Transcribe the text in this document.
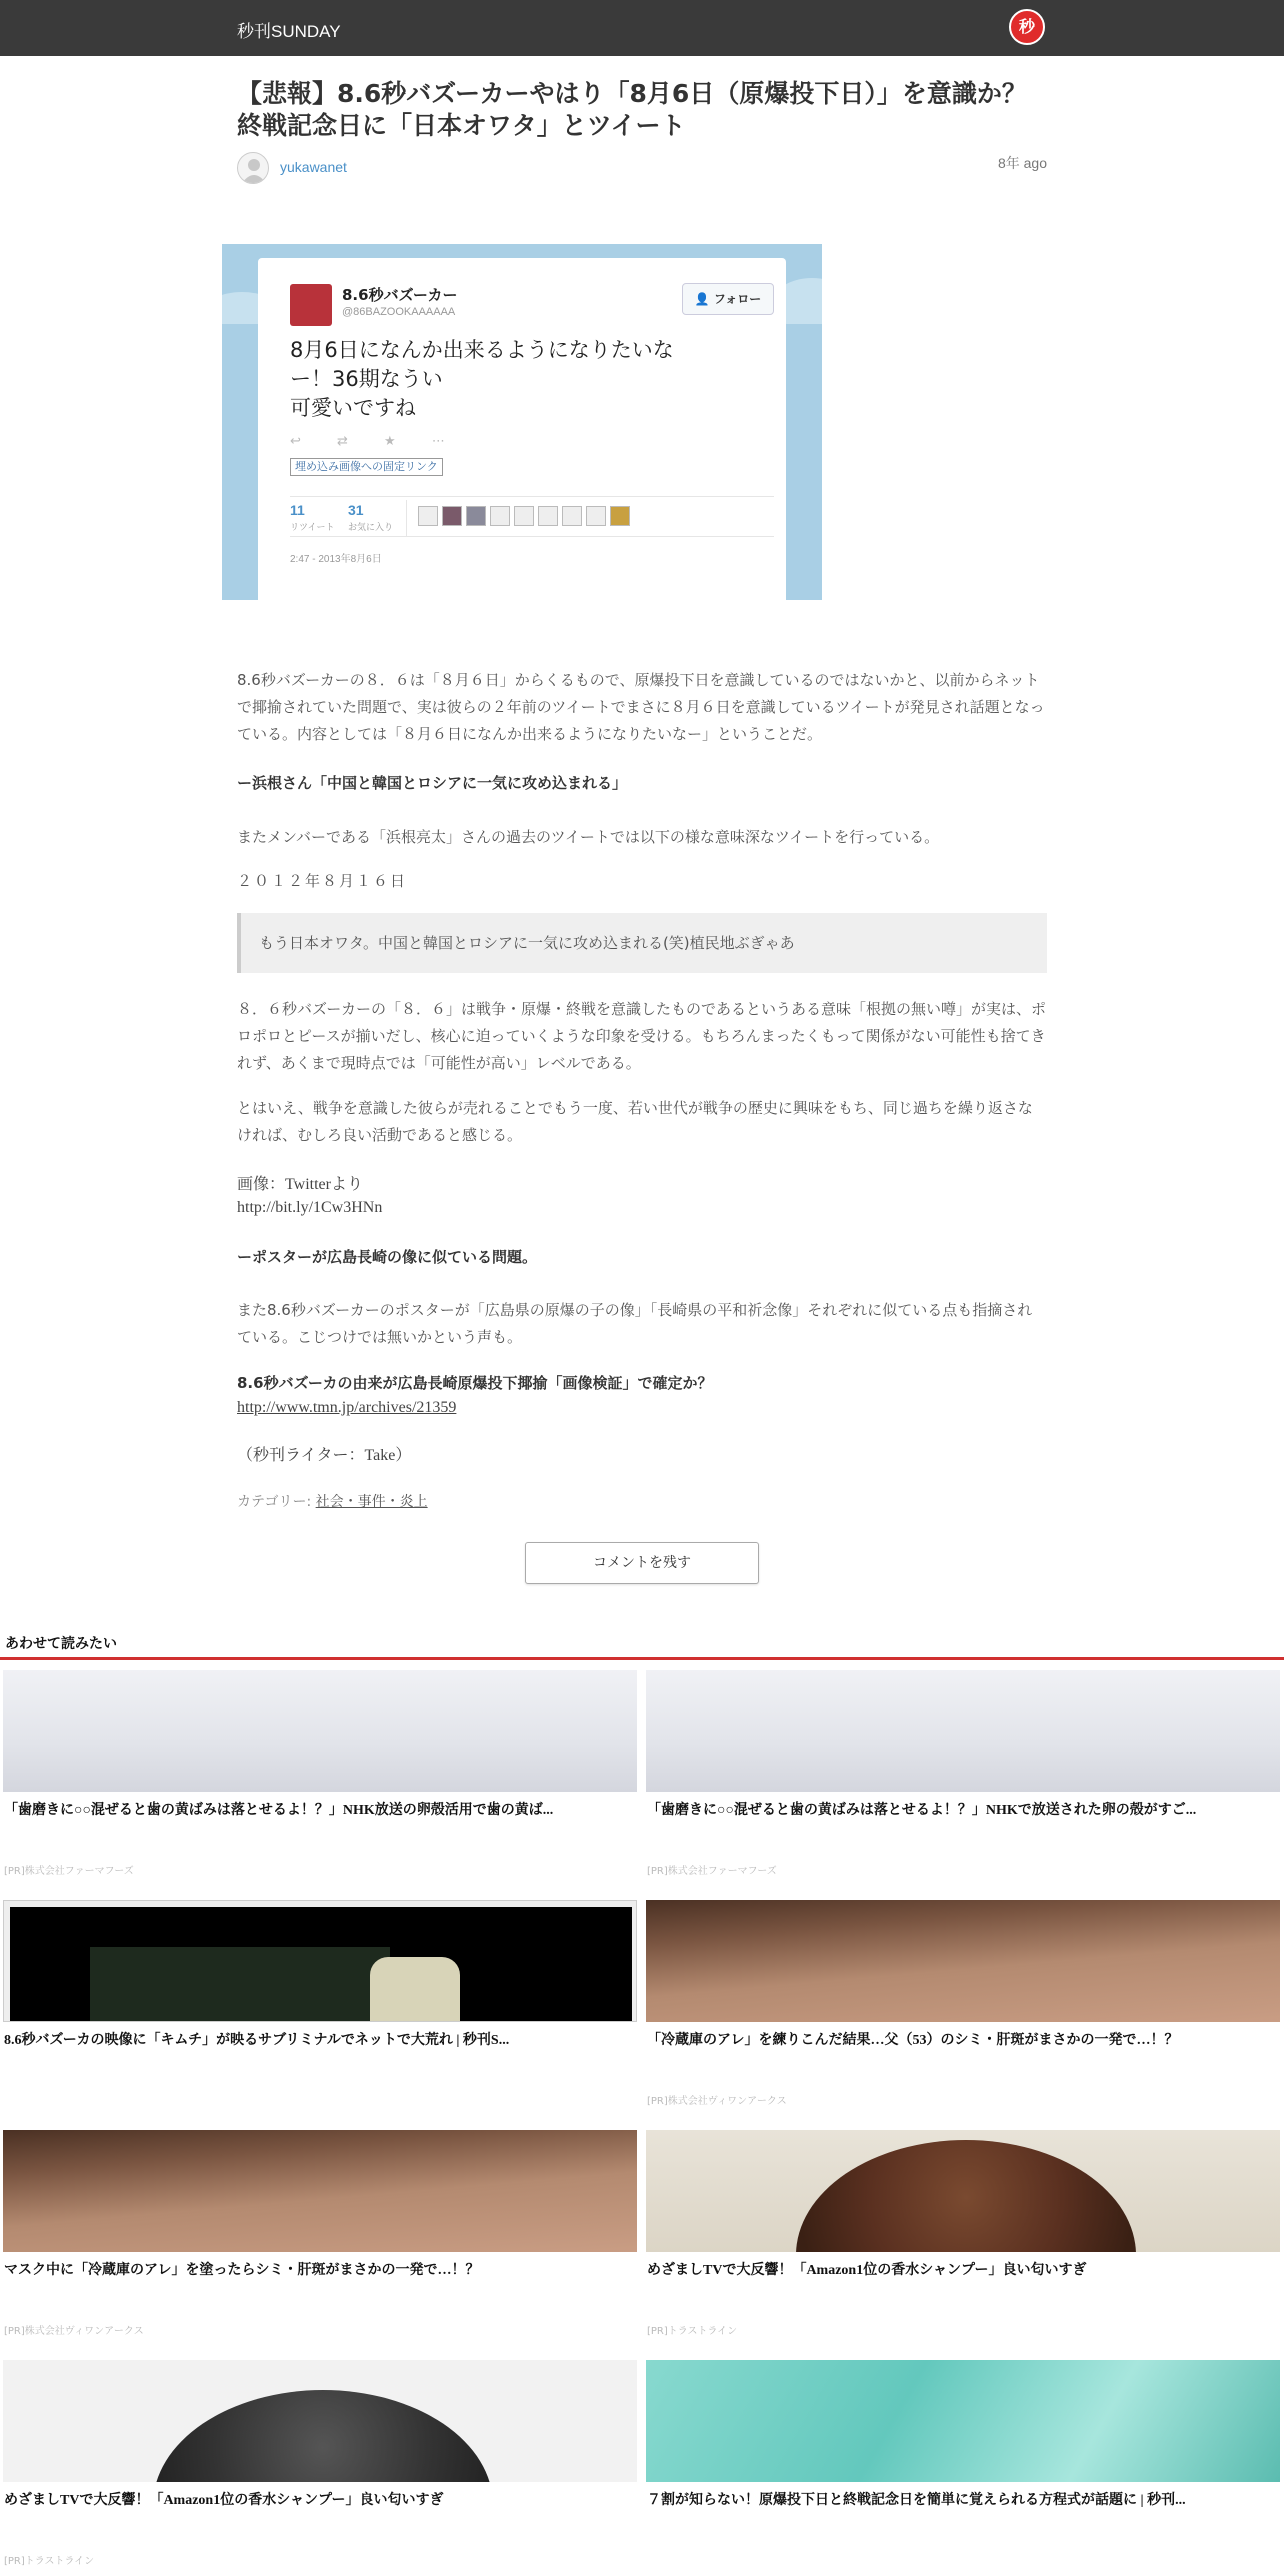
秒刊SUNDAY	秒
【悲報】8.6秒バズーカーやはり「8月6日（原爆投下日）」を意識か？終戦記念日に「日本オワタ」とツイート
yukawanet	8年 ago
8.6秒バズーカー
@86BAZOOKAAAAAA
👤 フォロー
8月6日になんか出来るようになりたいな
ー！36期なうい
可愛いですね
↩ ⇄ ★ ⋯
埋め込み画像への固定リンク
11
リツイート
31
お気に入り
2:47 - 2013年8月6日

8.6秒バズーカーの８．６は「８月６日」からくるもので、原爆投下日を意識しているのではないかと、以前からネットで揶揄されていた問題で、実は彼らの２年前のツイートでまさに８月６日を意識しているツイートが発見され話題となっている。内容としては「８月６日になんか出来るようになりたいなー」ということだ。

ー浜根さん「中国と韓国とロシアに一気に攻め込まれる」

またメンバーである「浜根亮太」さんの過去のツイートでは以下の様な意味深なツイートを行っている。

２０１２年８月１６日

もう日本オワタ。中国と韓国とロシアに一気に攻め込まれる(笑)植民地ぶぎゃあ

８．６秒バズーカーの「８．６」は戦争・原爆・終戦を意識したものであるというある意味「根拠の無い噂」が実は、ポロポロとピースが揃いだし、核心に迫っていくような印象を受ける。もちろんまったくもって関係がない可能性も捨てきれず、あくまで現時点では「可能性が高い」レベルである。

とはいえ、戦争を意識した彼らが売れることでもう一度、若い世代が戦争の歴史に興味をもち、同じ過ちを繰り返さなければ、むしろ良い活動であると感じる。

画像：Twitterより
http://bit.ly/1Cw3HNn
ーポスターが広島長崎の像に似ている問題。

また8.6秒バズーカーのポスターが「広島県の原爆の子の像」「長崎県の平和祈念像」それぞれに似ている点も指摘されている。こじつけでは無いかという声も。

8.6秒バズーカの由来が広島長崎原爆投下揶揄「画像検証」で確定か？
http://www.tmn.jp/archives/21359
（秒刊ライター：Take）
カテゴリー: 社会・事件・炎上
コメントを残す
あわせて読みたい
「歯磨きに○○混ぜると歯の黄ばみは落とせるよ！？」NHK放送の卵殻活用で歯の黄ば...
[PR]株式会社ファーマフーズ
「歯磨きに○○混ぜると歯の黄ばみは落とせるよ！？」NHKで放送された卵の殻がすご...
[PR]株式会社ファーマフーズ
8.6秒バズーカの映像に「キムチ」が映るサブリミナルでネットで大荒れ | 秒刊S...	「冷蔵庫のアレ」を練りこんだ結果…父（53）のシミ・肝斑がまさかの一発で…！？
[PR]株式会社ヴィワンアークス
マスク中に「冷蔵庫のアレ」を塗ったらシミ・肝斑がまさかの一発で…！？
[PR]株式会社ヴィワンアークス
めざましTVで大反響！「Amazon1位の香水シャンプー」良い匂いすぎ
[PR]トラストライン
めざましTVで大反響！「Amazon1位の香水シャンプー」良い匂いすぎ
[PR]トラストライン
７割が知らない！原爆投下日と終戦記念日を簡単に覚えられる方程式が話題に | 秒刊...
